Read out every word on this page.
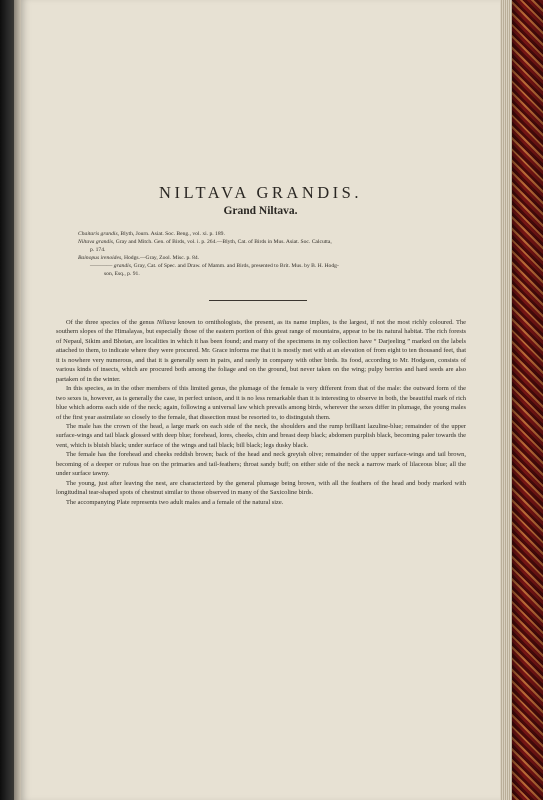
NILTAVA GRANDIS.
Grand Niltava.

Chaitaris grandis, Blyth, Journ. Asiat. Soc. Beng., vol. xi. p. 189.

Niltava grandis, Gray and Mitch. Gen. of Birds, vol. i. p. 264.—Blyth, Cat. of Birds in Mus. Asiat. Soc. Calcutta,

p. 174.

Bainopus irenoides, Hodgs.—Gray, Zool. Misc. p. 84.

———— grandis, Gray, Cat. of Spec. and Draw. of Mamm. and Birds, presented to Brit. Mus. by B. H. Hodg-

son, Esq., p. 91.

Of the three species of the genus Niltava known to ornithologists, the present, as its name implies, is the largest, if not the most richly coloured. The southern slopes of the Himalayas, but especially those of the eastern portion of this great range of mountains, appear to be its natural habitat. The rich forests of Nepaul, Sikim and Bhotan, are localities in which it has been found; and many of the specimens in my collection have “ Darjeeling ” marked on the labels attached to them, to indicate where they were procured. Mr. Grace informs me that it is mostly met with at an elevation of from eight to ten thousand feet, that it is nowhere very numerous, and that it is generally seen in pairs, and rarely in company with other birds. Its food, according to Mr. Hodgson, consists of various kinds of insects, which are procured both among the foliage and on the ground, but never taken on the wing; pulpy berries and hard seeds are also partaken of in the winter.

In this species, as in the other members of this limited genus, the plumage of the female is very different from that of the male: the outward form of the two sexes is, however, as is generally the case, in perfect unison, and it is no less remarkable than it is interesting to observe in both, the beautiful mark of rich blue which adorns each side of the neck; again, following a universal law which prevails among birds, wherever the sexes differ in plumage, the young males of the first year assimilate so closely to the female, that dissection must be resorted to, to distinguish them.

The male has the crown of the head, a large mark on each side of the neck, the shoulders and the rump brilliant lazuline-blue; remainder of the upper surface-wings and tail black glossed with deep blue; forehead, lores, cheeks, chin and breast deep black; abdomen purplish black, becoming paler towards the vent, which is bluish black; under surface of the wings and tail black; bill black; legs dusky black.

The female has the forehead and cheeks reddish brown; back of the head and neck greyish olive; remainder of the upper surface-wings and tail brown, becoming of a deeper or rufous hue on the primaries and tail-feathers; throat sandy buff; on either side of the neck a narrow mark of lilaceous blue; all the under surface tawny.

The young, just after leaving the nest, are characterized by the general plumage being brown, with all the feathers of the head and body marked with longitudinal tear-shaped spots of chestnut similar to those observed in many of the Saxicoline birds.

The accompanying Plate represents two adult males and a female of the natural size.
